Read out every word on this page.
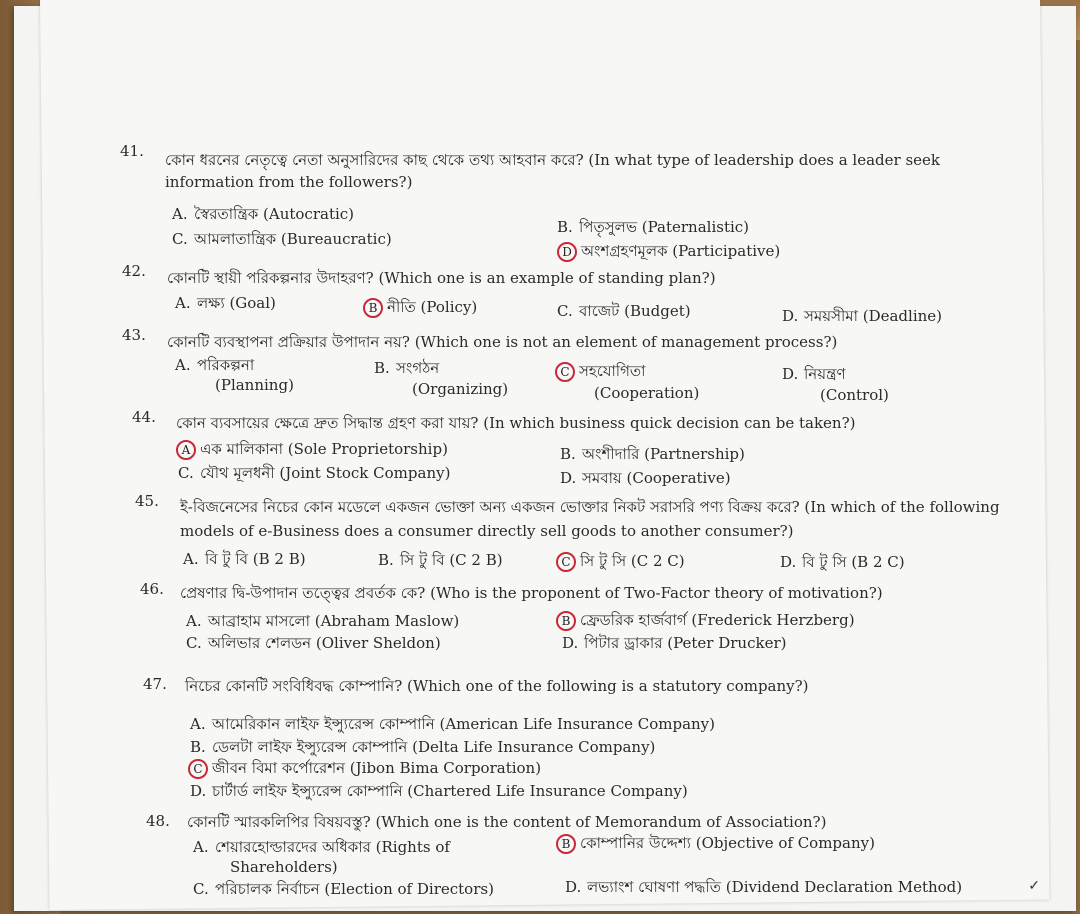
41. কোন ধরনের নেতৃত্বে নেতা অনুসারিদের কাছ থেকে তথ্য আহবান করে? (In what type of leadership does a leader seek
information from the followers?)
A. স্বৈরতান্ত্রিক (Autocratic)
B. পিতৃসুলভ (Paternalistic)
C. আমলাতান্ত্রিক (Bureaucratic)
D অংশগ্রহণমূলক (Participative)
42. কোনটি স্থায়ী পরিকল্পনার উদাহরণ? (Which one is an example of standing plan?)
A. লক্ষ্য (Goal)	B নীতি (Policy)	C. বাজেট (Budget)	D. সময়সীমা (Deadline)
43. কোনটি ব্যবস্থাপনা প্রক্রিয়ার উপাদান নয়? (Which one is not an element of management process?)
A. পরিকল্পনা
(Planning)
B. সংগঠন
(Organizing)
C সহযোগিতা
(Cooperation)
D. নিয়ন্ত্রণ
(Control)
44. কোন ব্যবসায়ের ক্ষেত্রে দ্রুত সিদ্ধান্ত গ্রহণ করা যায়? (In which business quick decision can be taken?)
A এক মালিকানা (Sole Proprietorship)	B. অংশীদারি (Partnership)
C. যৌথ মূলধনী (Joint Stock Company)	D. সমবায় (Cooperative)
45. ই-বিজনেসের নিচের কোন মডেলে একজন ভোক্তা অন্য একজন ভোক্তার নিকট সরাসরি পণ্য বিক্রয় করে? (In which of the following
models of e-Business does a consumer directly sell goods to another consumer?)
A. বি টু বি (B 2 B)	B. সি টু বি (C 2 B)	C সি টু সি (C 2 C)	D. বি টু সি (B 2 C)
46. প্রেষণার দ্বি-উপাদান তত্ত্বের প্রবর্তক কে? (Who is the proponent of Two-Factor theory of motivation?)
A. আব্রাহাম মাসলো (Abraham Maslow)	B ফ্রেডরিক হার্জবার্গ (Frederick Herzberg)
C. অলিভার শেলডন (Oliver Sheldon)	D. পিটার ড্রাকার (Peter Drucker)
47. নিচের কোনটি সংবিধিবদ্ধ কোম্পানি? (Which one of the following is a statutory company?)
A. আমেরিকান লাইফ ইন্স্যুরেন্স কোম্পানি (American Life Insurance Company)
B. ডেলটা লাইফ ইন্স্যুরেন্স কোম্পানি (Delta Life Insurance Company)
C জীবন বিমা কর্পোরেশন (Jibon Bima Corporation)
D. চার্টার্ড লাইফ ইন্স্যুরেন্স কোম্পানি (Chartered Life Insurance Company)
48. কোনটি স্মারকলিপির বিষয়বস্তু? (Which one is the content of Memorandum of Association?)
A. শেয়ারহোল্ডারদের অধিকার (Rights of
Shareholders)
B কোম্পানির উদ্দেশ্য (Objective of Company)
C. পরিচালক নির্বাচন (Election of Directors)	D. লভ্যাংশ ঘোষণা পদ্ধতি (Dividend Declaration Method)	✓
